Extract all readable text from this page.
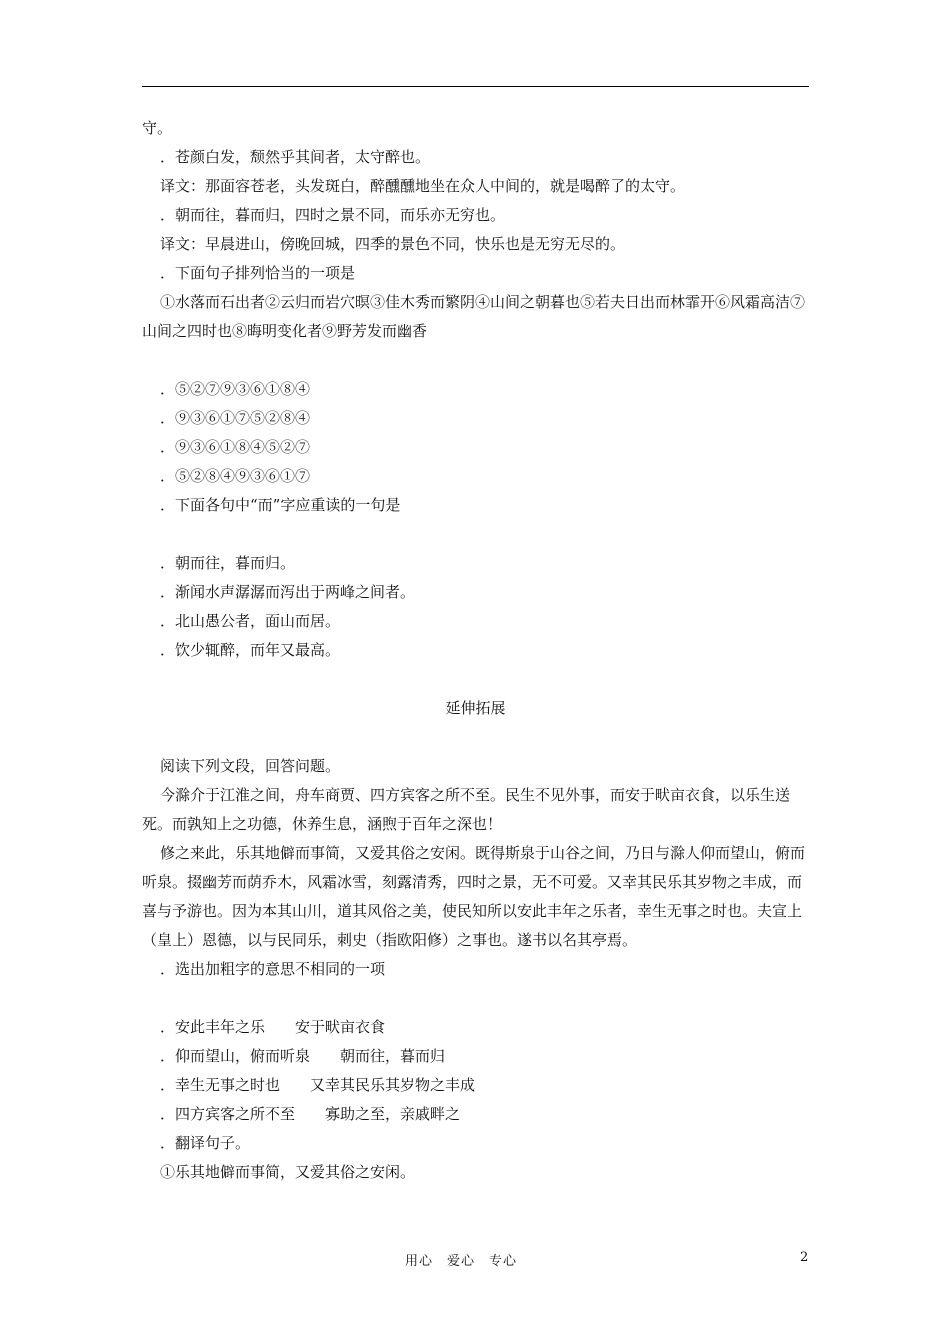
守。

．苍颜白发，颓然乎其间者，太守醉也。

译文：那面容苍老，头发斑白，醉醺醺地坐在众人中间的，就是喝醉了的太守。

．朝而往，暮而归，四时之景不同，而乐亦无穷也。

译文：早晨进山，傍晚回城，四季的景色不同，快乐也是无穷无尽的。

．下面句子排列恰当的一项是

①水落而石出者②云归而岩穴暝③佳木秀而繁阴④山间之朝暮也⑤若夫日出而林霏开⑥风霜高洁⑦山间之四时也⑧晦明变化者⑨野芳发而幽香

．⑤②⑦⑨③⑥①⑧④

．⑨③⑥①⑦⑤②⑧④

．⑨③⑥①⑧④⑤②⑦

．⑤②⑧④⑨③⑥①⑦

．下面各句中“而”字应重读的一句是

．朝而往，暮而归。

．渐闻水声潺潺而泻出于两峰之间者。

．北山愚公者，面山而居。

．饮少辄醉，而年又最高。

延伸拓展

阅读下列文段，回答问题。

今滁介于江淮之间，舟车商贾、四方宾客之所不至。民生不见外事，而安于畎亩衣食，以乐生送死。而孰知上之功德，休养生息，涵煦于百年之深也！

修之来此，乐其地僻而事简，又爱其俗之安闲。既得斯泉于山谷之间，乃日与滁人仰而望山，俯而听泉。掇幽芳而荫乔木，风霜冰雪，刻露清秀，四时之景，无不可爱。又幸其民乐其岁物之丰成，而喜与予游也。因为本其山川，道其风俗之美，使民知所以安此丰年之乐者，幸生无事之时也。夫宣上（皇上）恩德，以与民同乐，刺史（指欧阳修）之事也。遂书以名其亭焉。

．选出加粗字的意思不相同的一项

．安此丰年之乐　　安于畎亩衣食

．仰而望山，俯而听泉　　朝而往，暮而归

．幸生无事之时也　　又幸其民乐其岁物之丰成

．四方宾客之所不至　　寡助之至，亲戚畔之

．翻译句子。

①乐其地僻而事简，又爱其俗之安闲。

用心　爱心　专心	2
